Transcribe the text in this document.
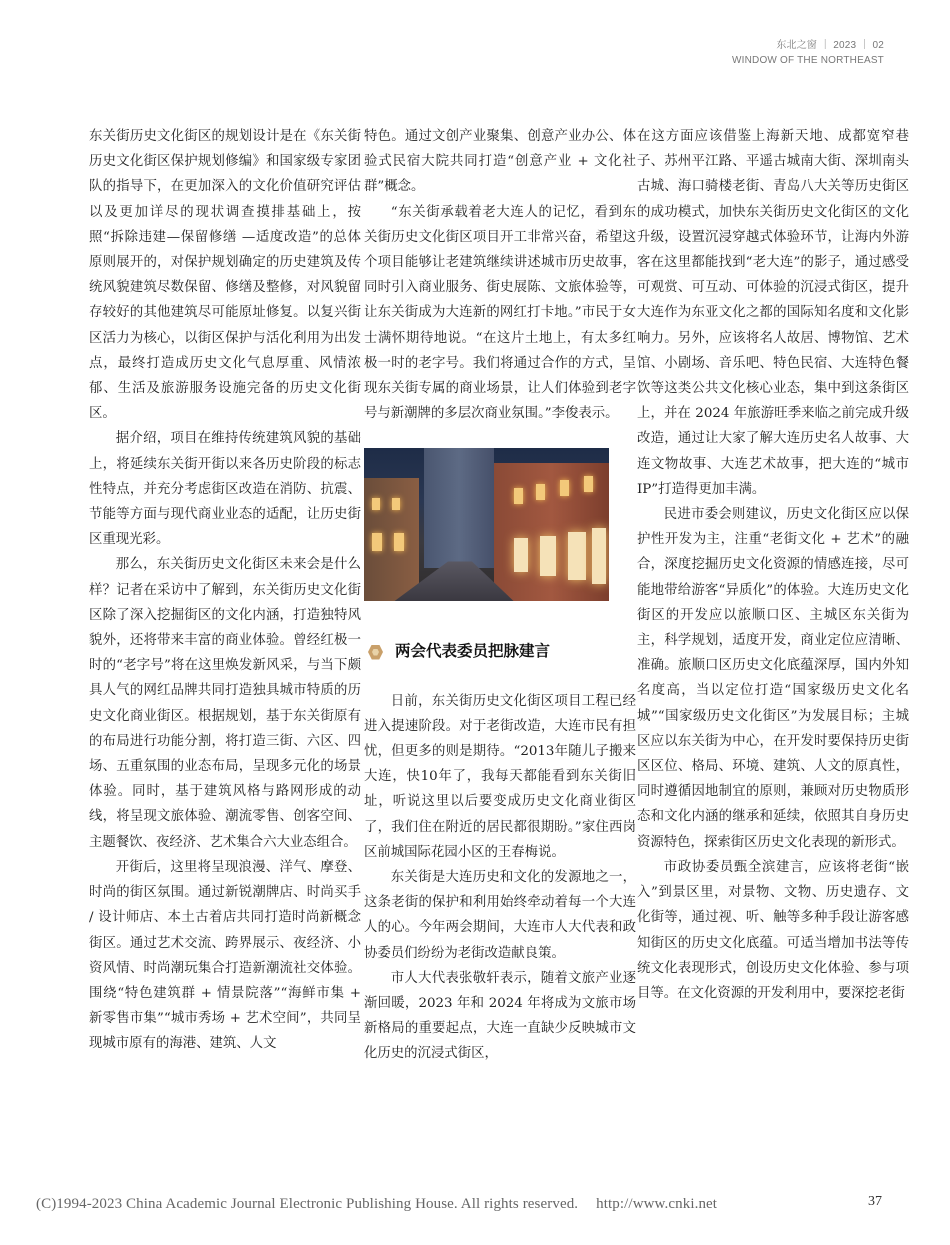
东北之窗 ｜ 2023 ｜ 02
WINDOW OF THE NORTHEAST

东关街历史文化街区的规划设计是在《东关街历史文化街区保护规划修编》和国家级专家团队的指导下，在更加深入的文化价值研究评估以及更加详尽的现状调查摸排基础上，按照“拆除违建—保留修缮 —适度改造”的总体原则展开的，对保护规划确定的历史建筑及传统风貌建筑尽数保留、修缮及整修，对风貌留存较好的其他建筑尽可能原址修复。以复兴街区活力为核心，以街区保护与活化利用为出发点，最终打造成历史文化气息厚重、风情浓郁、生活及旅游服务设施完备的历史文化街区。

据介绍，项目在维持传统建筑风貌的基础上，将延续东关街开街以来各历史阶段的标志性特点，并充分考虑街区改造在消防、抗震、节能等方面与现代商业业态的适配，让历史街区重现光彩。

那么，东关街历史文化街区未来会是什么样？记者在采访中了解到，东关街历史文化街区除了深入挖掘街区的文化内涵，打造独特风貌外，还将带来丰富的商业体验。曾经红极一时的“老字号”将在这里焕发新风采，与当下颇具人气的网红品牌共同打造独具城市特质的历史文化商业街区。根据规划，基于东关街原有的布局进行功能分割，将打造三街、六区、四场、五重氛围的业态布局，呈现多元化的场景体验。同时，基于建筑风格与路网形成的动线，将呈现文旅体验、潮流零售、创客空间、主题餐饮、夜经济、艺术集合六大业态组合。

开街后，这里将呈现浪漫、洋气、摩登、时尚的街区氛围。通过新锐潮牌店、时尚买手 / 设计师店、本土古着店共同打造时尚新概念街区。通过艺术交流、跨界展示、夜经济、小资风情、时尚潮玩集合打造新潮流社交体验。围绕“特色建筑群 + 情景院落”“海鲜市集 + 新零售市集”“城市秀场 + 艺术空间”，共同呈现城市原有的海港、建筑、人文

特色。通过文创产业聚集、创意产业办公、体验式民宿大院共同打造“创意产业 + 文化社群”概念。

“东关街承载着老大连人的记忆，看到东关街历史文化街区项目开工非常兴奋，希望这个项目能够让老建筑继续讲述城市历史故事，同时引入商业服务、街史展陈、文旅体验等，让东关街成为大连新的网红打卡地。”市民于女士满怀期待地说。“在这片土地上，有太多红极一时的老字号。我们将通过合作的方式，呈现东关街专属的商业场景，让人们体验到老字号与新潮牌的多层次商业氛围。”李俊表示。

两会代表委员把脉建言

日前，东关街历史文化街区项目工程已经进入提速阶段。对于老街改造，大连市民有担忧，但更多的则是期待。“2013年随儿子搬来大连，快10年了，我每天都能看到东关街旧址，听说这里以后要变成历史文化商业街区了，我们住在附近的居民都很期盼。”家住西岗区前城国际花园小区的王春梅说。

东关街是大连历史和文化的发源地之一，这条老街的保护和利用始终牵动着每一个大连人的心。今年两会期间，大连市人大代表和政协委员们纷纷为老街改造献良策。

市人大代表张敬轩表示，随着文旅产业逐渐回暖，2023 年和 2024 年将成为文旅市场新格局的重要起点，大连一直缺少反映城市文化历史的沉浸式街区，

在这方面应该借鉴上海新天地、成都宽窄巷子、苏州平江路、平遥古城南大街、深圳南头古城、海口骑楼老街、青岛八大关等历史街区的成功模式，加快东关街历史文化街区的文化升级，设置沉浸穿越式体验环节，让海内外游客在这里都能找到“老大连”的影子，通过感受可观赏、可互动、可体验的沉浸式街区，提升大连作为东亚文化之都的国际知名度和文化影响力。另外，应该将名人故居、博物馆、艺术馆、小剧场、音乐吧、特色民宿、大连特色餐饮等这类公共文化核心业态，集中到这条街区上，并在 2024 年旅游旺季来临之前完成升级改造，通过让大家了解大连历史名人故事、大连文物故事、大连艺术故事，把大连的“城市 IP”打造得更加丰满。

民进市委会则建议，历史文化街区应以保护性开发为主，注重“老街文化 + 艺术”的融合，深度挖掘历史文化资源的情感连接，尽可能地带给游客“异质化”的体验。大连历史文化街区的开发应以旅顺口区、主城区东关街为主，科学规划，适度开发，商业定位应清晰、准确。旅顺口区历史文化底蕴深厚，国内外知名度高，当以定位打造“国家级历史文化名城”“国家级历史文化街区”为发展目标；主城区应以东关街为中心，在开发时要保持历史街区区位、格局、环境、建筑、人文的原真性，同时遵循因地制宜的原则，兼顾对历史物质形态和文化内涵的继承和延续，依照其自身历史资源特色，探索街区历史文化表现的新形式。

市政协委员甄全滨建言，应该将老街“嵌入”到景区里，对景物、文物、历史遗存、文化街等，通过视、听、触等多种手段让游客感知街区的历史文化底蕴。可适当增加书法等传统文化表现形式，创设历史文化体验、参与项目等。在文化资源的开发利用中，要深挖老街

(C)1994-2023 China Academic Journal Electronic Publishing House. All rights reserved. http://www.cnki.net	37
